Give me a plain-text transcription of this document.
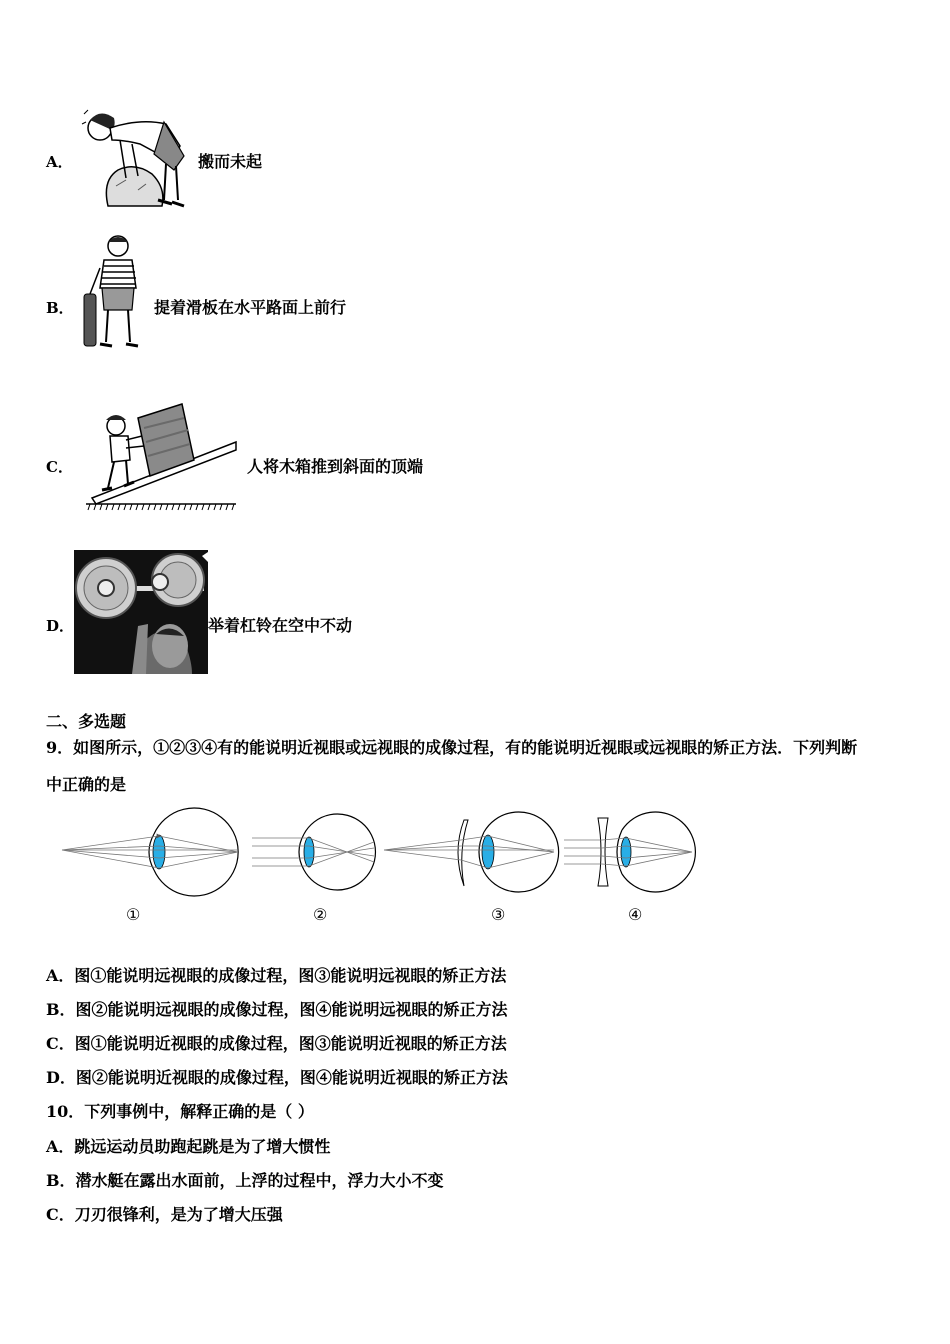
A．	搬而未起
B．	提着滑板在水平路面上前行
C．	人将木箱推到斜面的顶端
D．	举着杠铃在空中不动
二、多选题
9．如图所示，①②③④有的能说明近视眼或远视眼的成像过程，有的能说明近视眼或远视眼的矫正方法．下列判断
中正确的是
①	②	③	④
A．图①能说明远视眼的成像过程，图③能说明远视眼的矫正方法
B．图②能说明远视眼的成像过程，图④能说明远视眼的矫正方法
C．图①能说明近视眼的成像过程，图③能说明近视眼的矫正方法
D．图②能说明近视眼的成像过程，图④能说明近视眼的矫正方法
10．下列事例中，解释正确的是（ ）
A．跳远运动员助跑起跳是为了增大惯性
B．潜水艇在露出水面前，上浮的过程中，浮力大小不变
C．刀刃很锋利，是为了增大压强
